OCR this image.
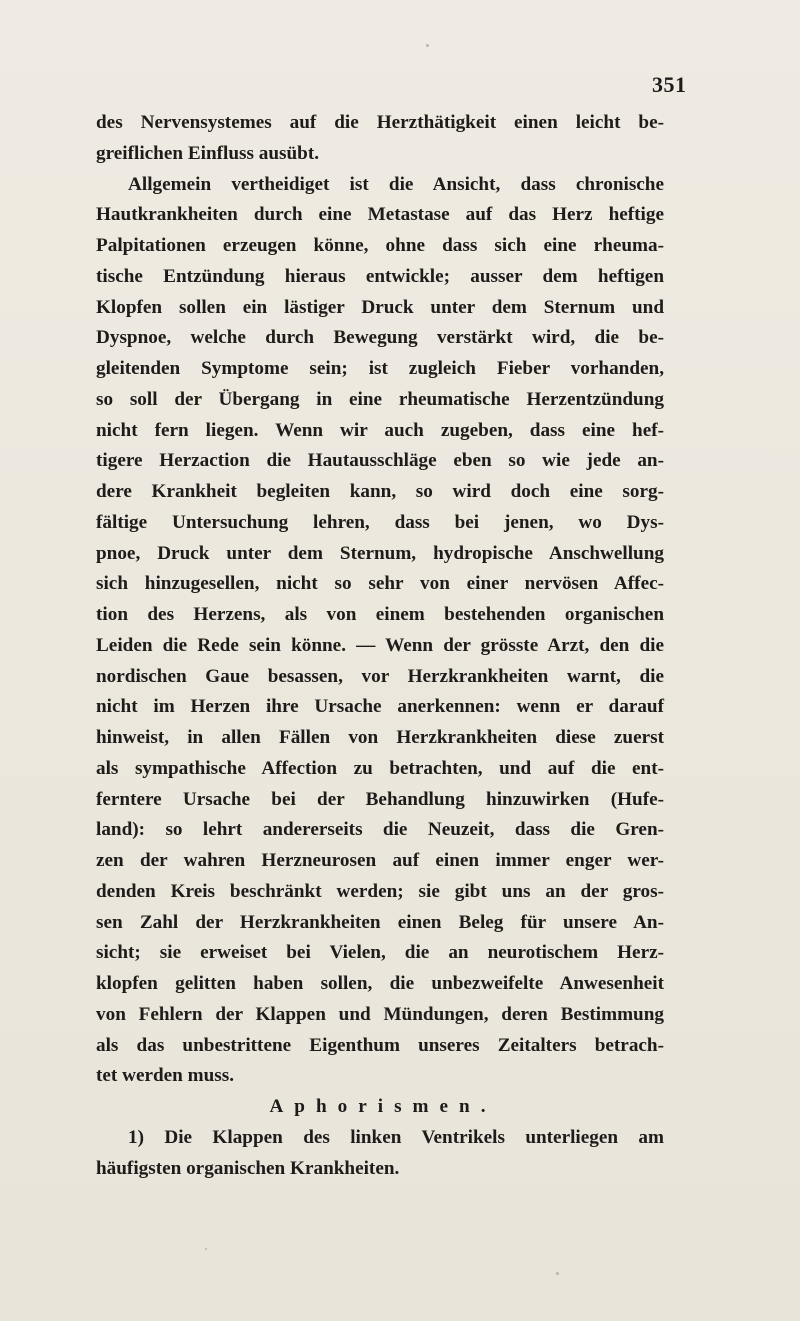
351
des Nervensystemes auf die Herzthätigkeit einen leicht be-
greiflichen Einfluss ausübt.
Allgemein vertheidiget ist die Ansicht, dass chronische
Hautkrankheiten durch eine Metastase auf das Herz heftige
Palpitationen erzeugen könne, ohne dass sich eine rheuma-
tische Entzündung hieraus entwickle; ausser dem heftigen
Klopfen sollen ein lästiger Druck unter dem Sternum und
Dyspnoe, welche durch Bewegung verstärkt wird, die be-
gleitenden Symptome sein; ist zugleich Fieber vorhanden,
so soll der Übergang in eine rheumatische Herzentzündung
nicht fern liegen. Wenn wir auch zugeben, dass eine hef-
tigere Herzaction die Hautausschläge eben so wie jede an-
dere Krankheit begleiten kann, so wird doch eine sorg-
fältige Untersuchung lehren, dass bei jenen, wo Dys-
pnoe, Druck unter dem Sternum, hydropische Anschwellung
sich hinzugesellen, nicht so sehr von einer nervösen Affec-
tion des Herzens, als von einem bestehenden organischen
Leiden die Rede sein könne. — Wenn der grösste Arzt, den die
nordischen Gaue besassen, vor Herzkrankheiten warnt, die
nicht im Herzen ihre Ursache anerkennen: wenn er darauf
hinweist, in allen Fällen von Herzkrankheiten diese zuerst
als sympathische Affection zu betrachten, und auf die ent-
ferntere Ursache bei der Behandlung hinzuwirken (Hufe-
land): so lehrt andererseits die Neuzeit, dass die Gren-
zen der wahren Herzneurosen auf einen immer enger wer-
denden Kreis beschränkt werden; sie gibt uns an der gros-
sen Zahl der Herzkrankheiten einen Beleg für unsere An-
sicht; sie erweiset bei Vielen, die an neurotischem Herz-
klopfen gelitten haben sollen, die unbezweifelte Anwesenheit
von Fehlern der Klappen und Mündungen, deren Bestimmung
als das unbestrittene Eigenthum unseres Zeitalters betrach-
tet werden muss.
Aphorismen.
1) Die Klappen des linken Ventrikels unterliegen am
häufigsten organischen Krankheiten.
